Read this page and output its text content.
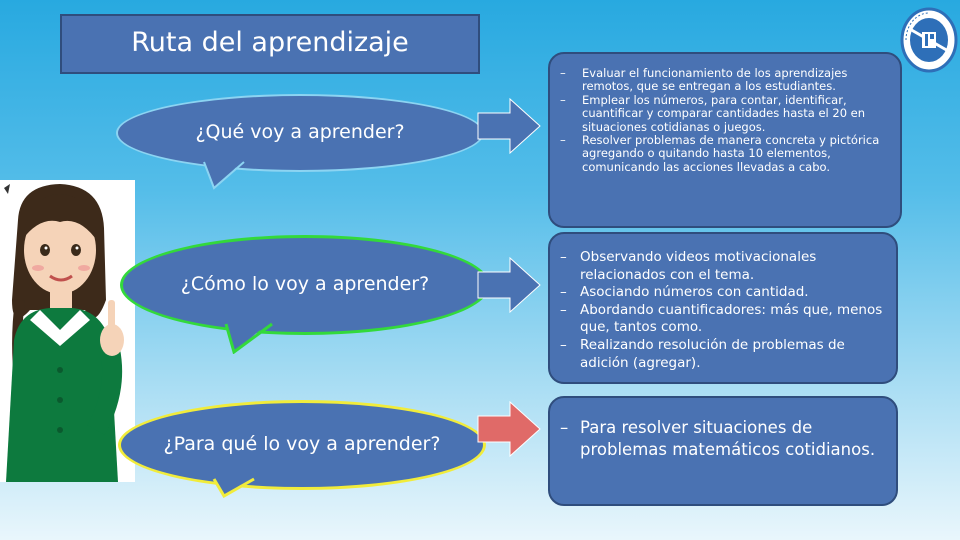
Ruta del aprendizaje
¿Qué voy a aprender?
¿Cómo lo voy a aprender?
¿Para qué lo voy a aprender?
– Evaluar el funcionamiento de los aprendizajes remotos, que se entregan a los estudiantes.
– Emplear los números, para contar, identificar, cuantificar y comparar cantidades hasta el 20 en situaciones cotidianas o juegos.
– Resolver problemas de manera concreta y pictórica agregando o quitando hasta 10 elementos, comunicando las acciones llevadas a cabo.
– Observando videos motivacionales relacionados con el tema.
– Asociando números con cantidad.
– Abordando cuantificadores: más que, menos que, tantos como.
– Realizando resolución de problemas de adición (agregar).
– Para resolver situaciones de problemas matemáticos cotidianos.
